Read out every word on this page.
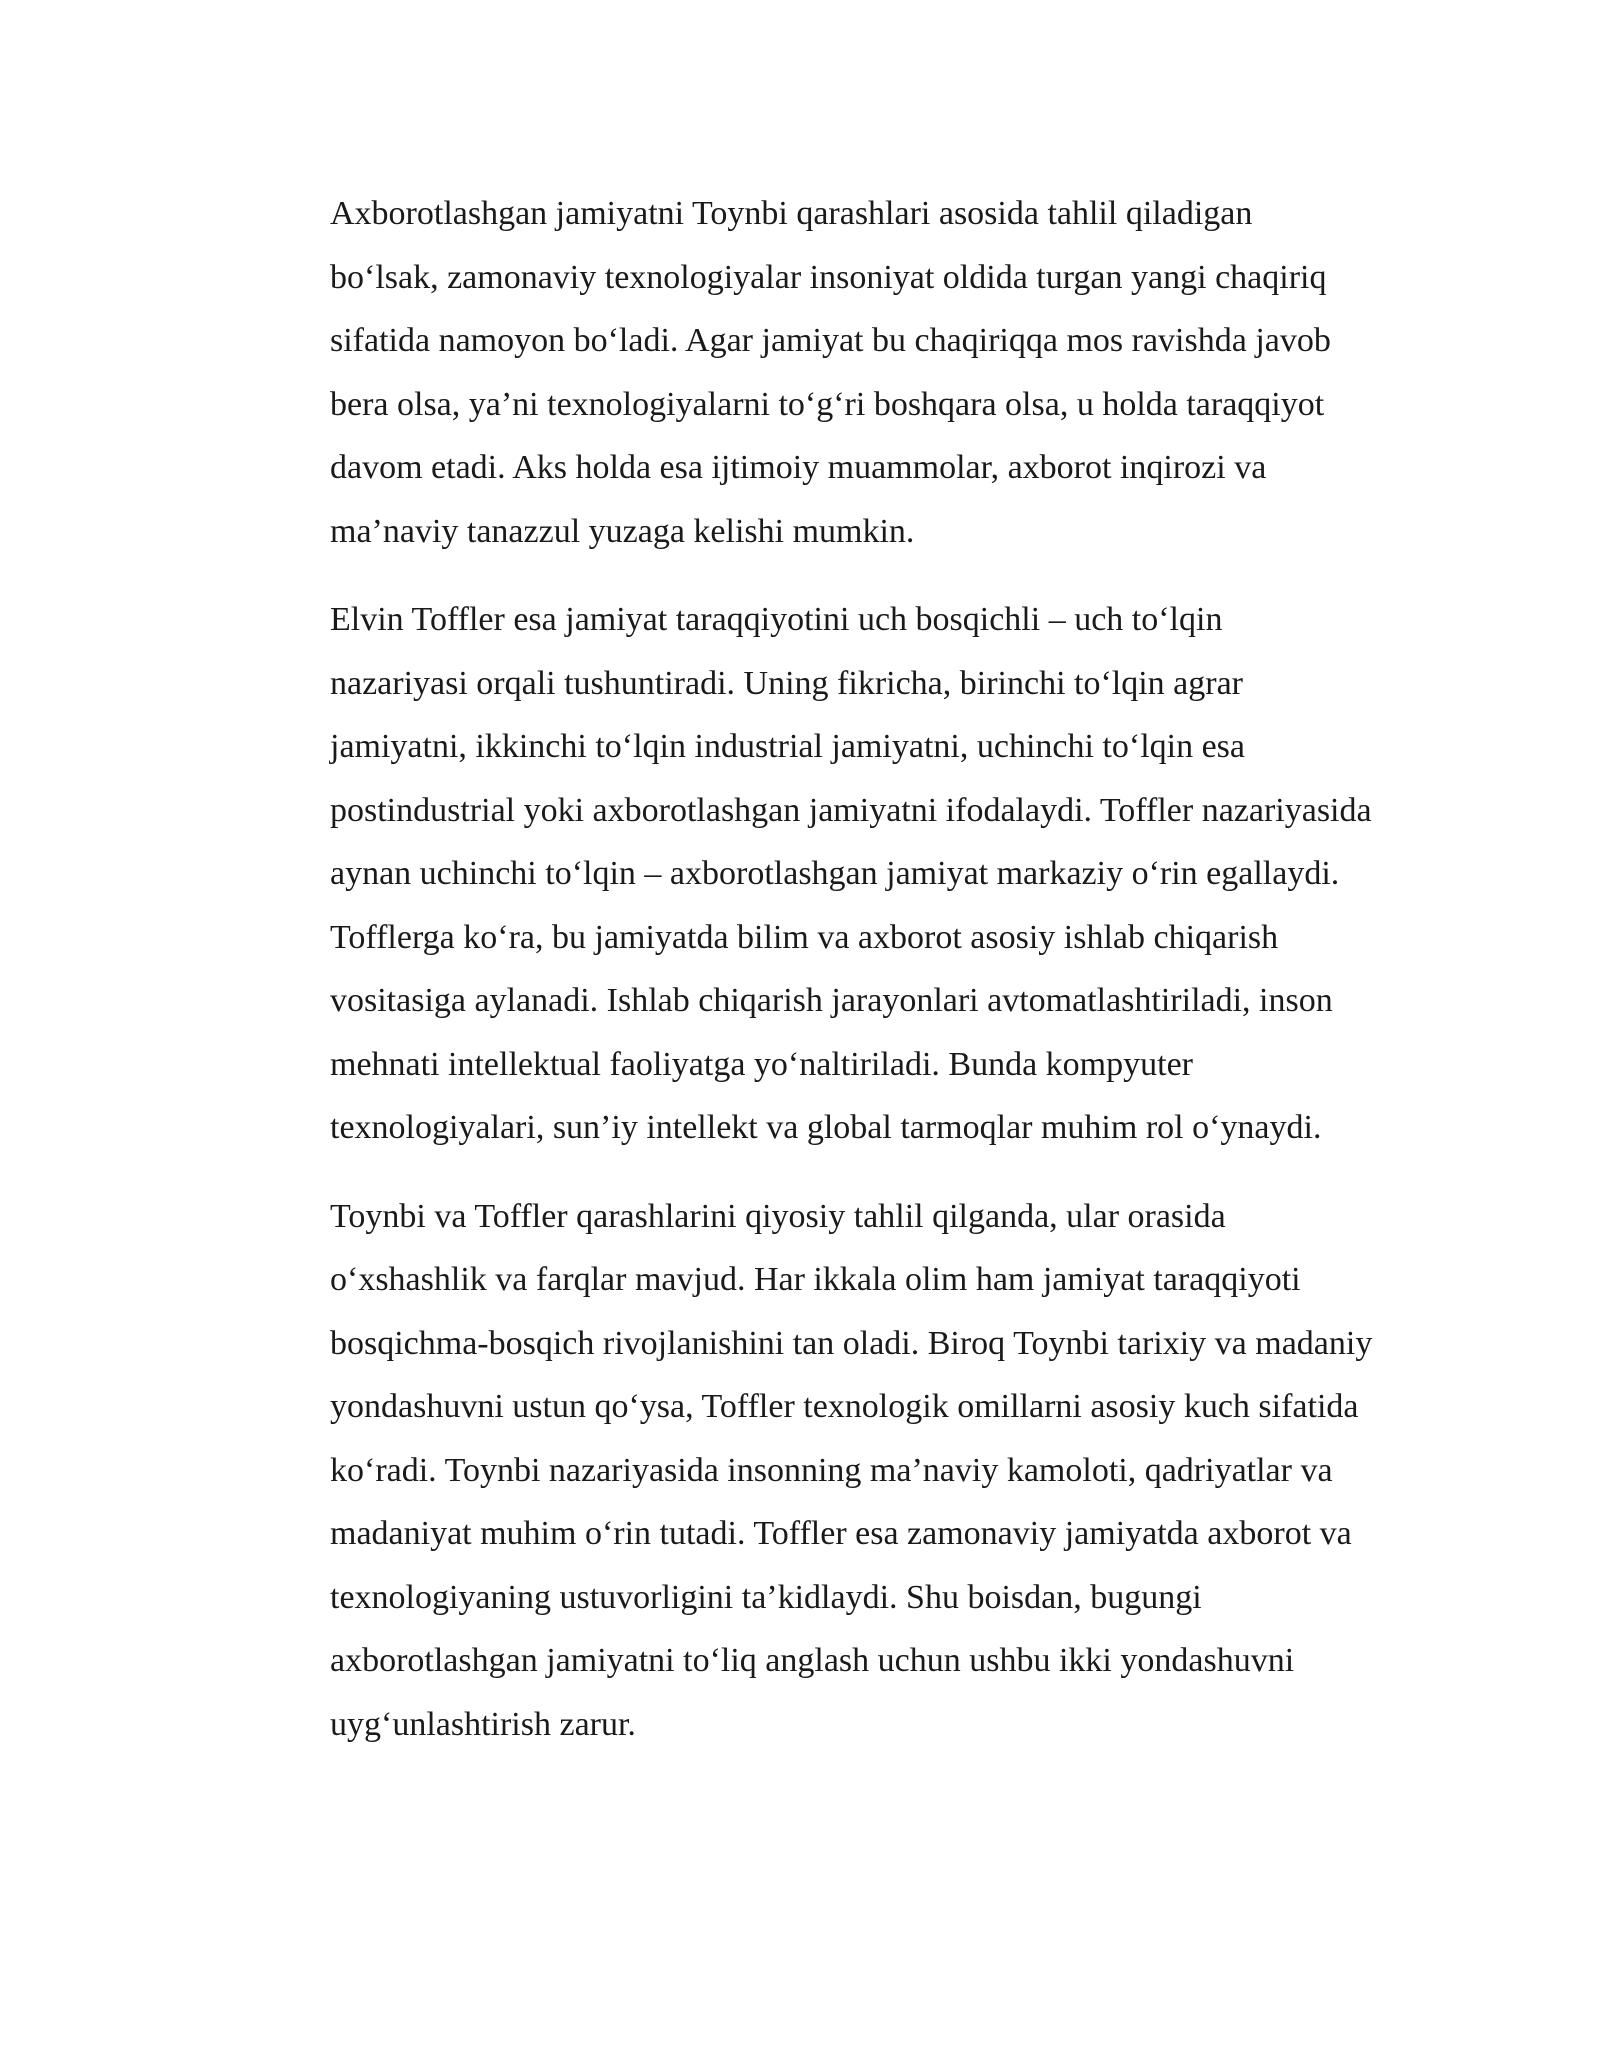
Axborotlashgan jamiyatni Toynbi qarashlari asosida tahlil qiladigan
bo‘lsak, zamonaviy texnologiyalar insoniyat oldida turgan yangi chaqiriq
sifatida namoyon bo‘ladi. Agar jamiyat bu chaqiriqqa mos ravishda javob
bera olsa, ya’ni texnologiyalarni to‘g‘ri boshqara olsa, u holda taraqqiyot
davom etadi. Aks holda esa ijtimoiy muammolar, axborot inqirozi va
ma’naviy tanazzul yuzaga kelishi mumkin.

Elvin Toffler esa jamiyat taraqqiyotini uch bosqichli – uch to‘lqin
nazariyasi orqali tushuntiradi. Uning fikricha, birinchi to‘lqin agrar
jamiyatni, ikkinchi to‘lqin industrial jamiyatni, uchinchi to‘lqin esa
postindustrial yoki axborotlashgan jamiyatni ifodalaydi. Toffler nazariyasida
aynan uchinchi to‘lqin – axborotlashgan jamiyat markaziy o‘rin egallaydi.
Tofflerga ko‘ra, bu jamiyatda bilim va axborot asosiy ishlab chiqarish
vositasiga aylanadi. Ishlab chiqarish jarayonlari avtomatlashtiriladi, inson
mehnati intellektual faoliyatga yo‘naltiriladi. Bunda kompyuter
texnologiyalari, sun’iy intellekt va global tarmoqlar muhim rol o‘ynaydi.

Toynbi va Toffler qarashlarini qiyosiy tahlil qilganda, ular orasida
o‘xshashlik va farqlar mavjud. Har ikkala olim ham jamiyat taraqqiyoti
bosqichma-bosqich rivojlanishini tan oladi. Biroq Toynbi tarixiy va madaniy
yondashuvni ustun qo‘ysa, Toffler texnologik omillarni asosiy kuch sifatida
ko‘radi. Toynbi nazariyasida insonning ma’naviy kamoloti, qadriyatlar va
madaniyat muhim o‘rin tutadi. Toffler esa zamonaviy jamiyatda axborot va
texnologiyaning ustuvorligini ta’kidlaydi. Shu boisdan, bugungi
axborotlashgan jamiyatni to‘liq anglash uchun ushbu ikki yondashuvni
uyg‘unlashtirish zarur.
